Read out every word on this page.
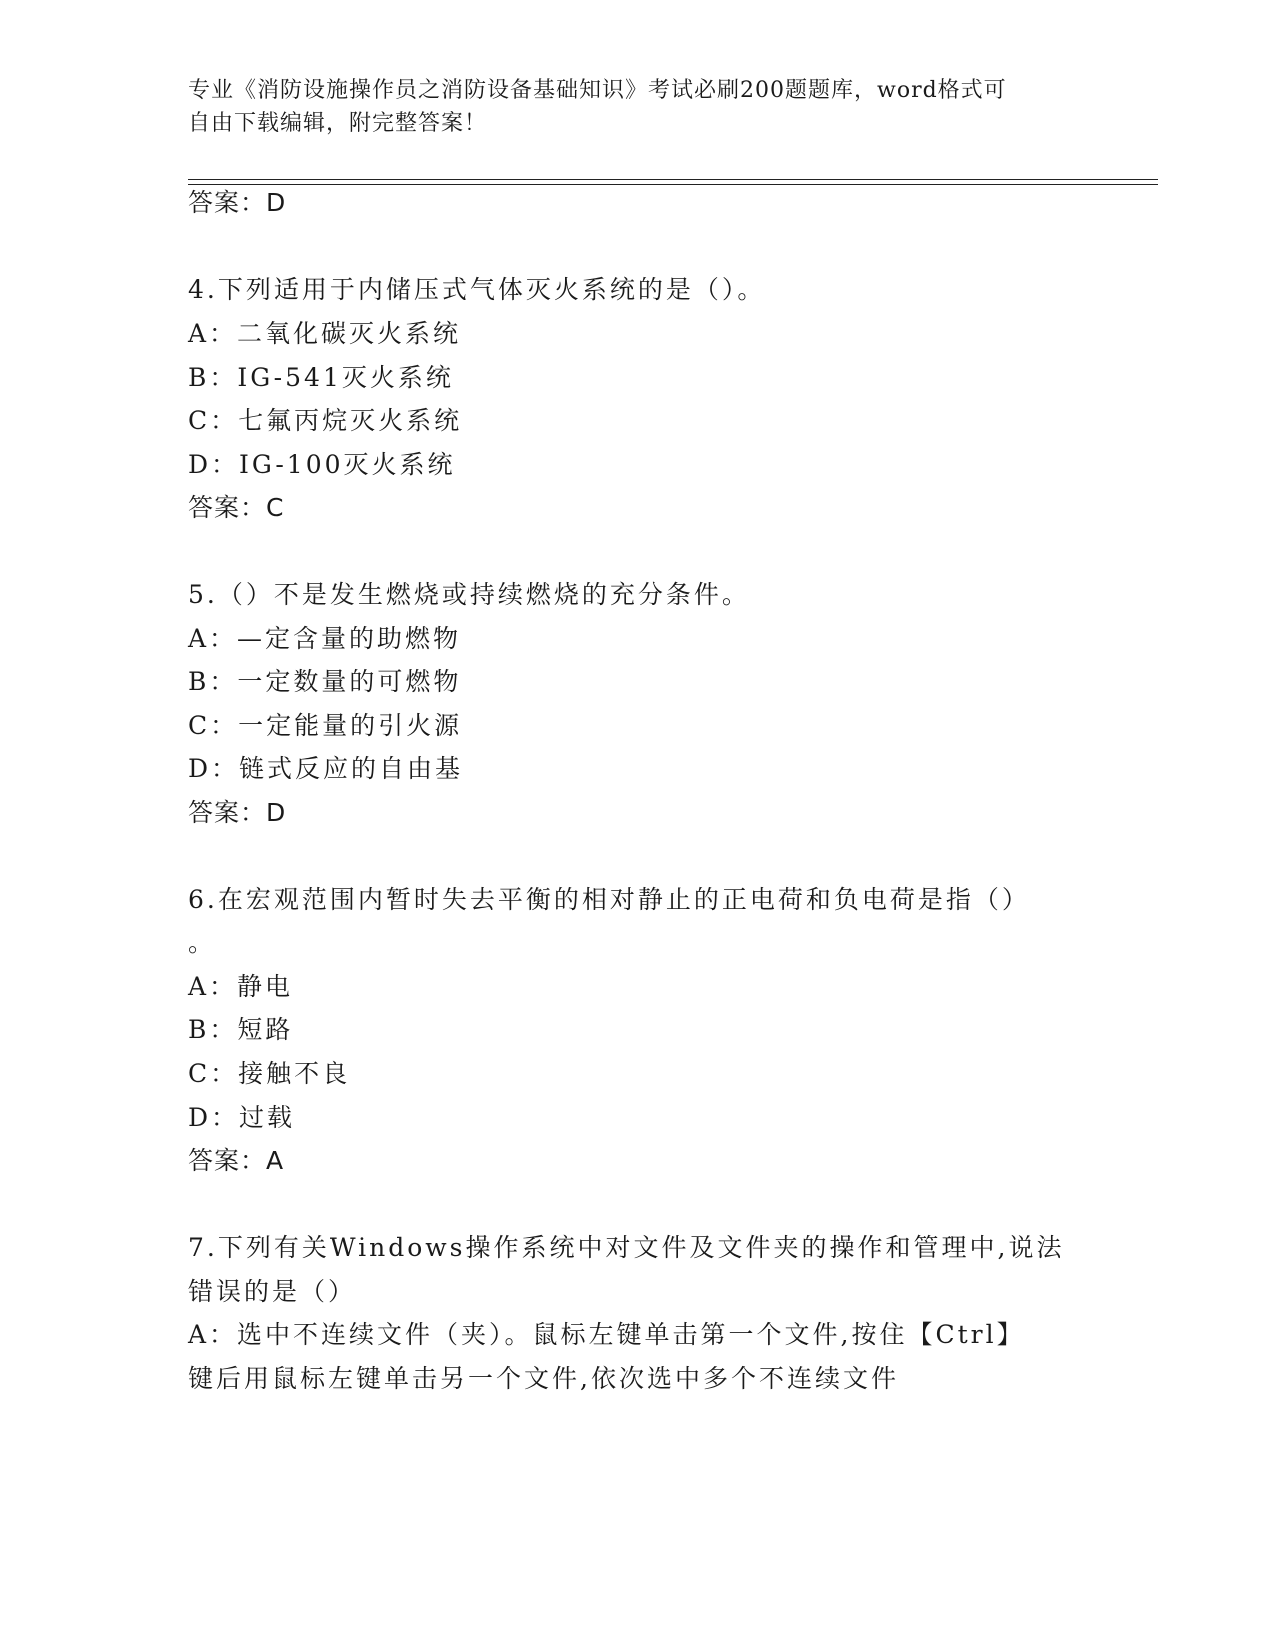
专业《消防设施操作员之消防设备基础知识》考试必刷200题题库，word格式可
自由下载编辑，附完整答案！
答案：D
4.下列适用于内储压式气体灭火系统的是（）。
A：二氧化碳灭火系统
B：IG-541灭火系统
C：七氟丙烷灭火系统
D：IG-100灭火系统
答案：C
5.（）不是发生燃烧或持续燃烧的充分条件。
A：—定含量的助燃物
B：一定数量的可燃物
C：一定能量的引火源
D：链式反应的自由基
答案：D
6.在宏观范围内暂时失去平衡的相对静止的正电荷和负电荷是指（）
。
A：静电
B：短路
C：接触不良
D：过载
答案：A
7.下列有关Windows操作系统中对文件及文件夹的操作和管理中,说法
错误的是（）
A：选中不连续文件（夹）。鼠标左键单击第一个文件,按住【Ctrl】
键后用鼠标左键单击另一个文件,依次选中多个不连续文件
